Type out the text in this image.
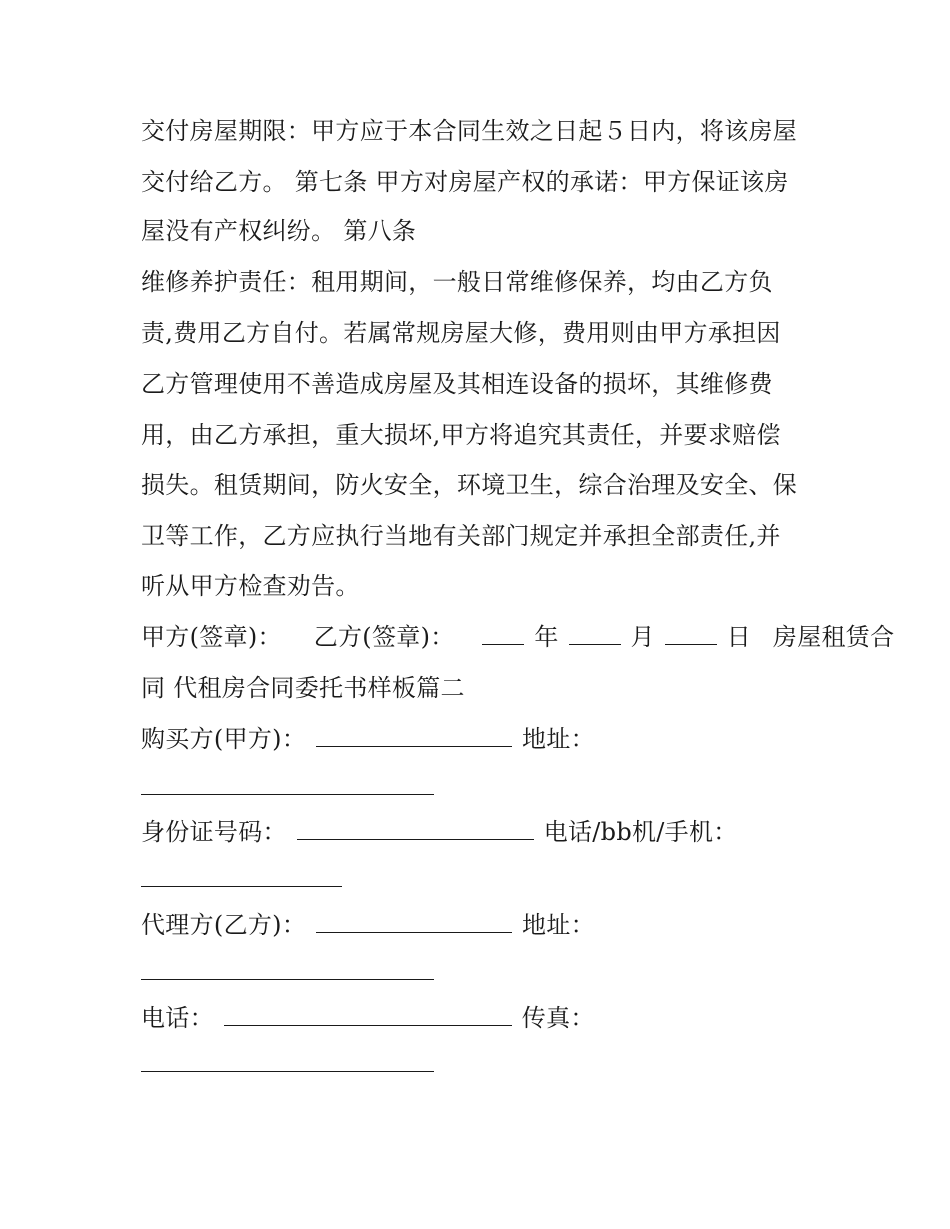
交付房屋期限：甲方应于本合同生效之日起５日内，将该房屋
交付给乙方。 第七条 甲方对房屋产权的承诺：甲方保证该房
屋没有产权纠纷。 第八条
维修养护责任：租用期间，一般日常维修保养，均由乙方负
责,费用乙方自付。若属常规房屋大修，费用则由甲方承担因
乙方管理使用不善造成房屋及其相连设备的损坏，其维修费
用，由乙方承担，重大损坏,甲方将追究其责任，并要求赔偿
损失。租赁期间，防火安全，环境卫生，综合治理及安全、保
卫等工作，乙方应执行当地有关部门规定并承担全部责任,并
听从甲方检查劝告。
甲方(签章)： 乙方(签章)：	年	月	日 房屋租赁合
同 代租房合同委托书样板篇二
购买方(甲方)：	地址：
身份证号码：	电话/bb机/手机：
代理方(乙方)：	地址：
电话：	传真：
